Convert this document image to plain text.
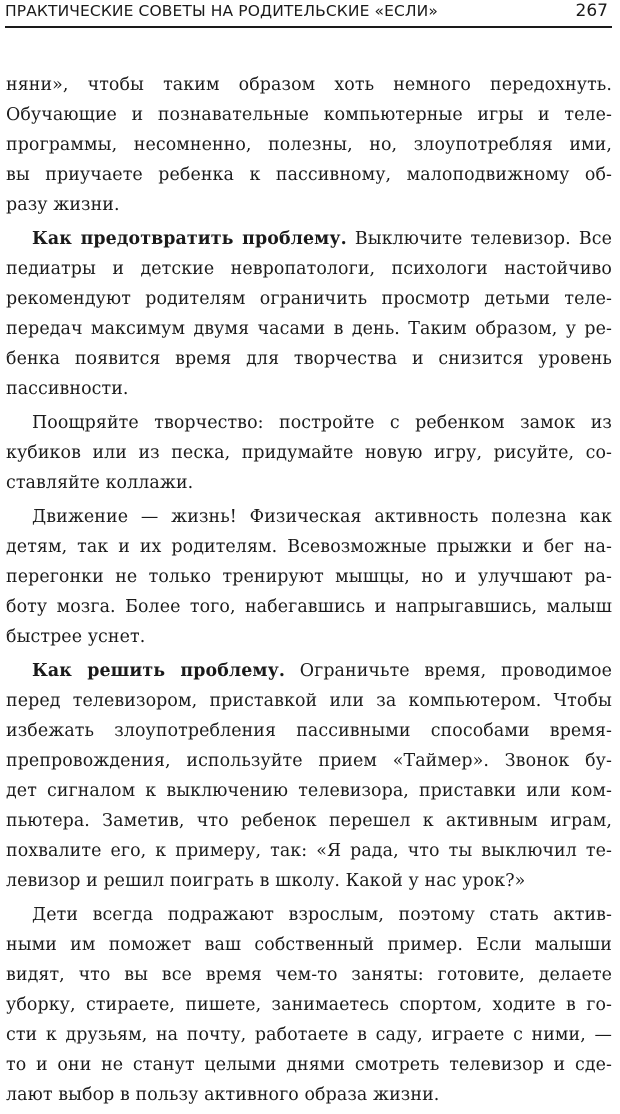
ПРАКТИЧЕСКИЕ СОВЕТЫ НА РОДИТЕЛЬСКИЕ «ЕСЛИ»	267
няни», чтобы таким образом хоть немного передохнуть.
Обучающие и познавательные компьютерные игры и теле-
программы, несомненно, полезны, но, злоупотребляя ими,
вы приучаете ребенка к пассивному, малоподвижному об-
разу жизни.
Как предотвратить проблему. Выключите телевизор. Все
педиатры и детские невропатологи, психологи настойчиво
рекомендуют родителям ограничить просмотр детьми теле-
передач максимум двумя часами в день. Таким образом, у ре-
бенка появится время для творчества и снизится уровень
пассивности.
Поощряйте творчество: постройте с ребенком замок из
кубиков или из песка, придумайте новую игру, рисуйте, со-
ставляйте коллажи.
Движение — жизнь! Физическая активность полезна как
детям, так и их родителям. Всевозможные прыжки и бег на-
перегонки не только тренируют мышцы, но и улучшают ра-
боту мозга. Более того, набегавшись и напрыгавшись, малыш
быстрее уснет.
Как решить проблему. Ограничьте время, проводимое
перед телевизором, приставкой или за компьютером. Чтобы
избежать злоупотребления пассивными способами время-
препровождения, используйте прием «Таймер». Звонок бу-
дет сигналом к выключению телевизора, приставки или ком-
пьютера. Заметив, что ребенок перешел к активным играм,
похвалите его, к примеру, так: «Я рада, что ты выключил те-
левизор и решил поиграть в школу. Какой у нас урок?»
Дети всегда подражают взрослым, поэтому стать актив-
ными им поможет ваш собственный пример. Если малыши
видят, что вы все время чем-то заняты: готовите, делаете
уборку, стираете, пишете, занимаетесь спортом, ходите в го-
сти к друзьям, на почту, работаете в саду, играете с ними, —
то и они не станут целыми днями смотреть телевизор и сде-
лают выбор в пользу активного образа жизни.
